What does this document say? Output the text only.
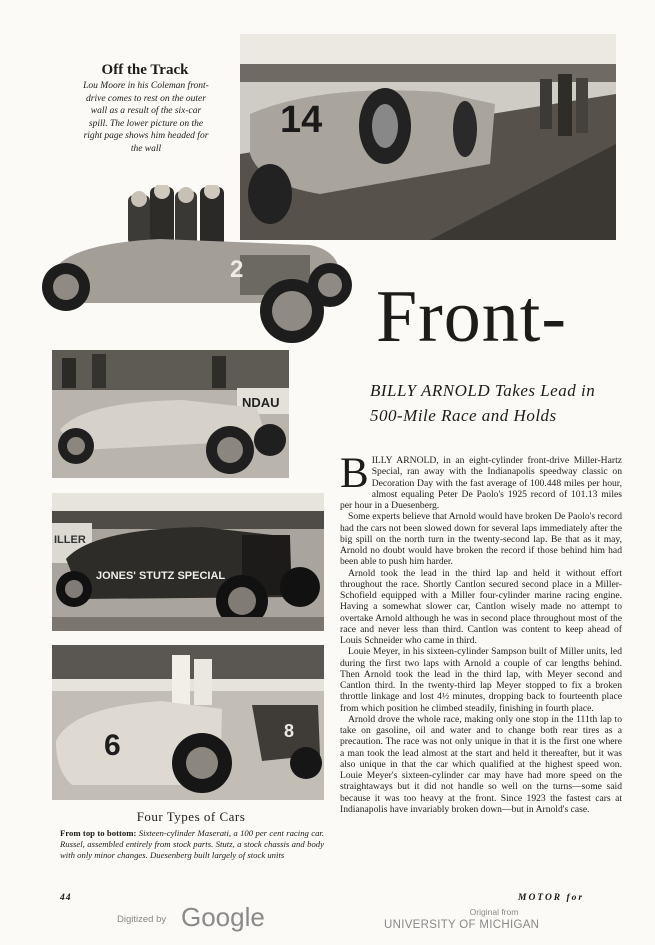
Off the Track
Lou Moore in his Coleman front-drive comes to rest on the outer wall as a result of the six-car spill. The lower picture on the right page shows him headed for the wall
14
2
Front-
BILLY ARNOLD Takes Lead in
500-Mile Race and Holds
NDAU
ILLER
JONES' STUTZ SPECIAL
6	8
Four Types of Cars
From top to bottom: Sixteen-cylinder Maserati, a 100 per cent racing car. Russel, assembled entirely from stock parts. Stutz, a stock chassis and body with only minor changes. Duesenberg built largely of stock units

BILLY ARNOLD, in an eight-cylinder front-drive Miller-Hartz Special, ran away with the Indianapolis speedway classic on Decoration Day with the fast average of 100.448 miles per hour, almost equaling Peter De Paolo's 1925 record of 101.13 miles per hour in a Duesenberg.

Some experts believe that Arnold would have broken De Paolo's record had the cars not been slowed down for several laps immediately after the big spill on the north turn in the twenty-second lap. Be that as it may, Arnold no doubt would have broken the record if those behind him had been able to push him harder.

Arnold took the lead in the third lap and held it without effort throughout the race. Shortly Cantlon secured second place in a Miller-Schofield equipped with a Miller four-cylinder marine racing engine. Having a somewhat slower car, Cantlon wisely made no attempt to overtake Arnold although he was in second place throughout most of the race and never less than third. Cantlon was content to keep ahead of Louis Schneider who came in third.

Louie Meyer, in his sixteen-cylinder Sampson built of Miller units, led during the first two laps with Arnold a couple of car lengths behind. Then Arnold took the lead in the third lap, with Meyer second and Cantlon third. In the twenty-third lap Meyer stopped to fix a broken throttle linkage and lost 4½ minutes, dropping back to fourteenth place from which position he climbed steadily, finishing in fourth place.

Arnold drove the whole race, making only one stop in the 111th lap to take on gasoline, oil and water and to change both rear tires as a precaution. The race was not only unique in that it is the first one where a man took the lead almost at the start and held it thereafter, but it was also unique in that the car which qualified at the highest speed won. Louie Meyer's sixteen-cylinder car may have had more speed on the straightaways but it did not handle so well on the turns—some said because it was too heavy at the front. Since 1923 the fastest cars at Indianapolis have invariably broken down—but in Arnold's case.

44	MOTOR for
Digitized by Google	Original from
UNIVERSITY OF MICHIGAN
